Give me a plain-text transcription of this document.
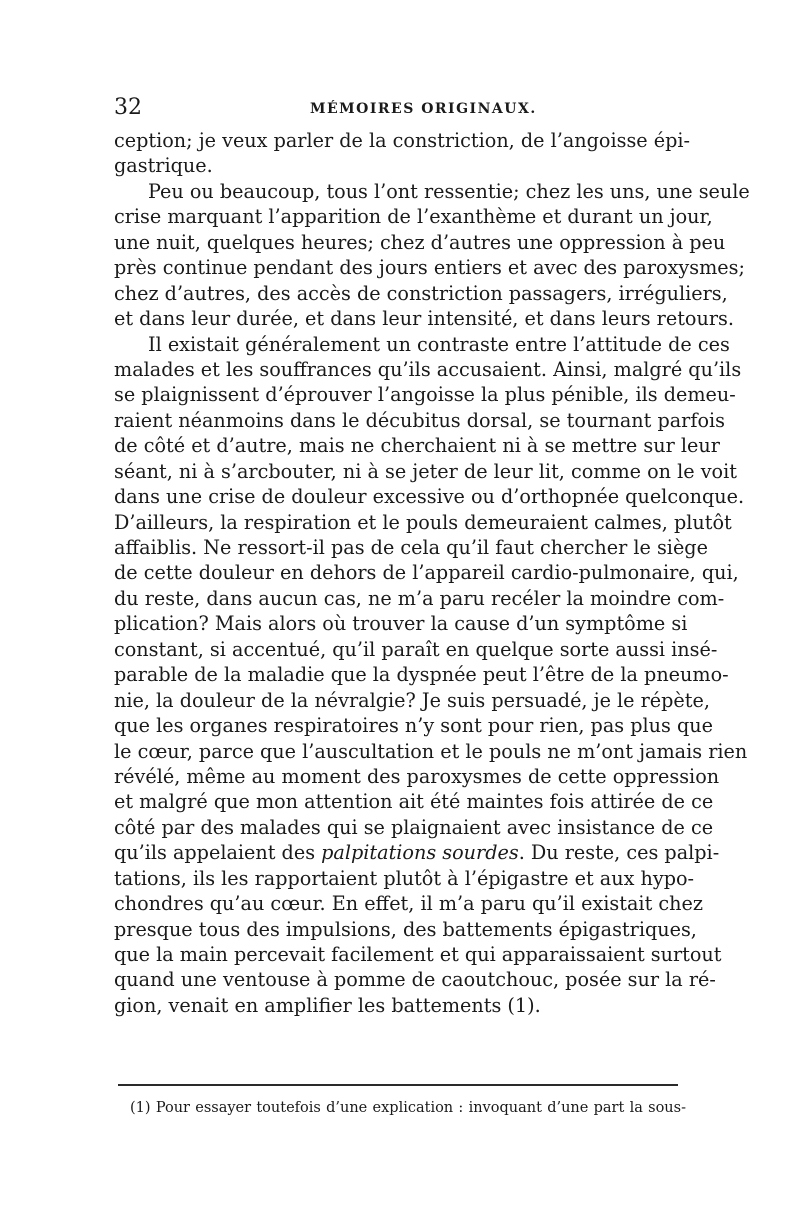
32	MÉMOIRES ORIGINAUX.
ception; je veux parler de la constriction, de l’angoisse épi-
gastrique.
Peu ou beaucoup, tous l’ont ressentie; chez les uns, une seule
crise marquant l’apparition de l’exanthème et durant un jour,
une nuit, quelques heures; chez d’autres une oppression à peu
près continue pendant des jours entiers et avec des paroxysmes;
chez d’autres, des accès de constriction passagers, irréguliers,
et dans leur durée, et dans leur intensité, et dans leurs retours.
Il existait généralement un contraste entre l’attitude de ces
malades et les souffrances qu’ils accusaient. Ainsi, malgré qu’ils
se plaignissent d’éprouver l’angoisse la plus pénible, ils demeu-
raient néanmoins dans le décubitus dorsal, se tournant parfois
de côté et d’autre, mais ne cherchaient ni à se mettre sur leur
séant, ni à s’arcbouter, ni à se jeter de leur lit, comme on le voit
dans une crise de douleur excessive ou d’orthopnée quelconque.
D’ailleurs, la respiration et le pouls demeuraient calmes, plutôt
affaiblis. Ne ressort-il pas de cela qu’il faut chercher le siège
de cette douleur en dehors de l’appareil cardio-pulmonaire, qui,
du reste, dans aucun cas, ne m’a paru recéler la moindre com-
plication? Mais alors où trouver la cause d’un symptôme si
constant, si accentué, qu’il paraît en quelque sorte aussi insé-
parable de la maladie que la dyspnée peut l’être de la pneumo-
nie, la douleur de la névralgie? Je suis persuadé, je le répète,
que les organes respiratoires n’y sont pour rien, pas plus que
le cœur, parce que l’auscultation et le pouls ne m’ont jamais rien
révélé, même au moment des paroxysmes de cette oppression
et malgré que mon attention ait été maintes fois attirée de ce
côté par des malades qui se plaignaient avec insistance de ce
qu’ils appelaient des palpitations sourdes. Du reste, ces palpi-
tations, ils les rapportaient plutôt à l’épigastre et aux hypo-
chondres qu’au cœur. En effet, il m’a paru qu’il existait chez
presque tous des impulsions, des battements épigastriques,
que la main percevait facilement et qui apparaissaient surtout
quand une ventouse à pomme de caoutchouc, posée sur la ré-
gion, venait en amplifier les battements (1).
(1) Pour essayer toutefois d’une explication : invoquant d’une part la sous-
